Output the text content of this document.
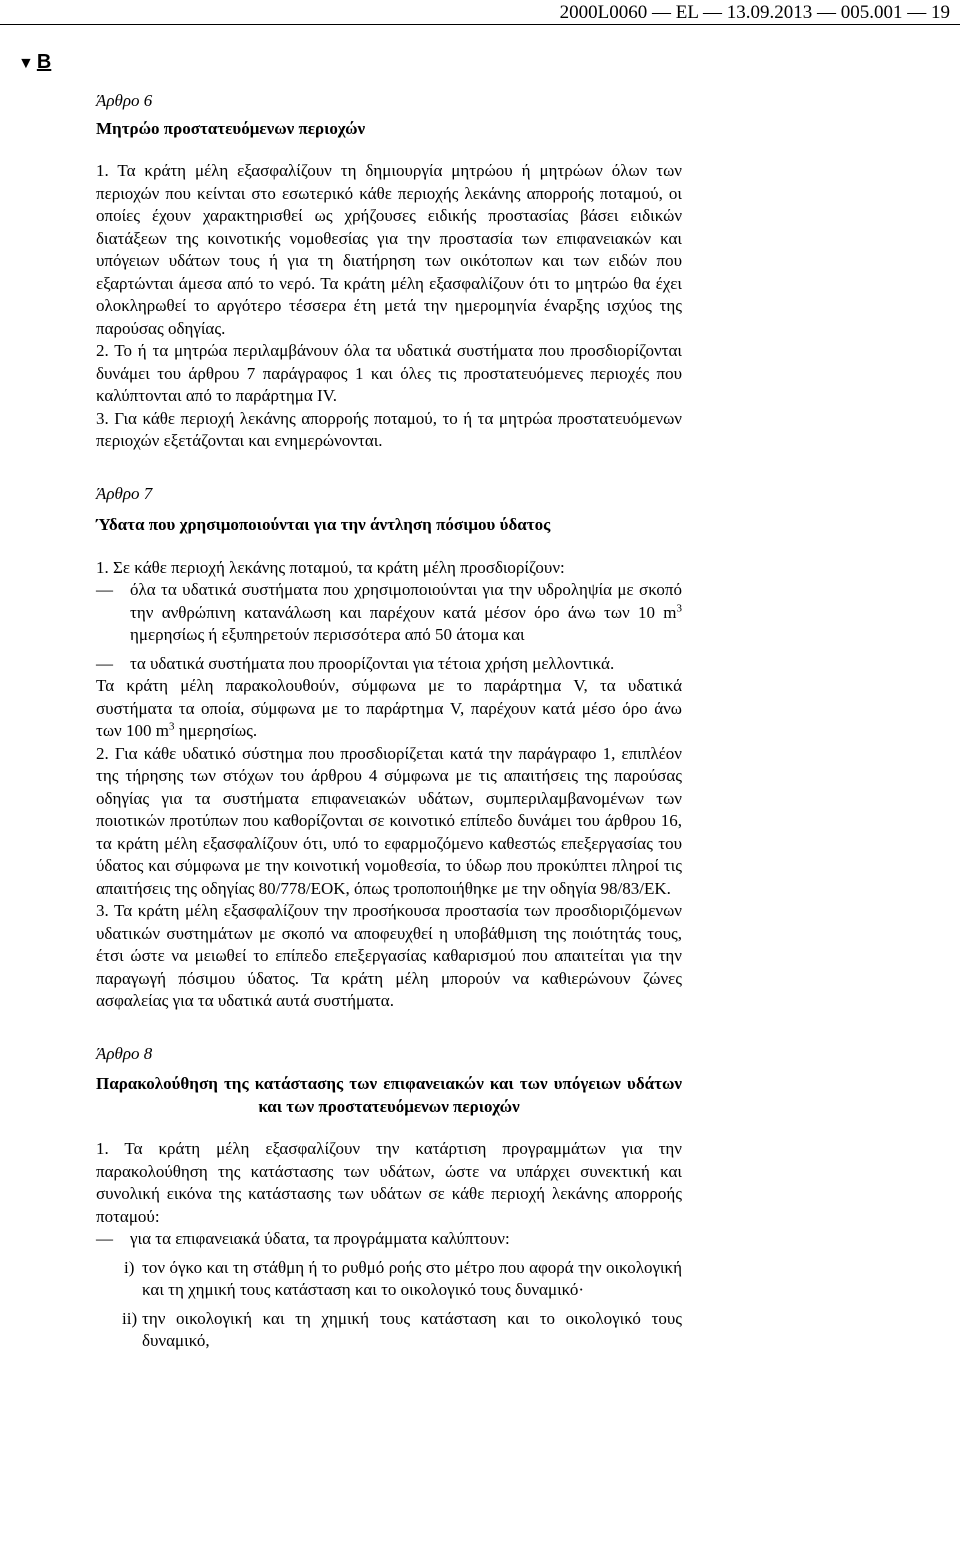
2000L0060 — EL — 13.09.2013 — 005.001 — 19
▼ B

Άρθρο 6

Μητρώο προστατευόμενων περιοχών

1. Τα κράτη μέλη εξασφαλίζουν τη δημιουργία μητρώου ή μητρώων όλων των περιοχών που κείνται στο εσωτερικό κάθε περιοχής λεκάνης απορροής ποταμού, οι οποίες έχουν χαρακτηρισθεί ως χρήζουσες ειδικής προστασίας βάσει ειδικών διατάξεων της κοινοτικής νομοθεσίας για την προστασία των επιφανειακών και υπόγειων υδάτων τους ή για τη διατήρηση των οικότοπων και των ειδών που εξαρτώνται άμεσα από το νερό. Τα κράτη μέλη εξασφαλίζουν ότι το μητρώο θα έχει ολοκληρωθεί το αργότερο τέσσερα έτη μετά την ημερομηνία έναρξης ισχύος της παρούσας οδηγίας.

2. Το ή τα μητρώα περιλαμβάνουν όλα τα υδατικά συστήματα που προσδιορίζονται δυνάμει του άρθρου 7 παράγραφος 1 και όλες τις προστατευόμενες περιοχές που καλύπτονται από το παράρτημα IV.

3. Για κάθε περιοχή λεκάνης απορροής ποταμού, το ή τα μητρώα προστατευόμενων περιοχών εξετάζονται και ενημερώνονται.

Άρθρο 7

Ύδατα που χρησιμοποιούνται για την άντληση πόσιμου ύδατος

1. Σε κάθε περιοχή λεκάνης ποταμού, τα κράτη μέλη προσδιορίζουν:

— όλα τα υδατικά συστήματα που χρησιμοποιούνται για την υδροληψία με σκοπό την ανθρώπινη κατανάλωση και παρέχουν κατά μέσον όρο άνω των 10 $m^3$ ημερησίως ή εξυπηρετούν περισσότερα από 50 άτομα και

— τα υδατικά συστήματα που προορίζονται για τέτοια χρήση μελλοντικά.

Τα κράτη μέλη παρακολουθούν, σύμφωνα με το παράρτημα V, τα υδατικά συστήματα τα οποία, σύμφωνα με το παράρτημα V, παρέχουν κατά μέσο όρο άνω των 100 $m^3$ ημερησίως.

2. Για κάθε υδατικό σύστημα που προσδιορίζεται κατά την παράγραφο 1, επιπλέον της τήρησης των στόχων του άρθρου 4 σύμφωνα με τις απαιτήσεις της παρούσας οδηγίας για τα συστήματα επιφανειακών υδάτων, συμπεριλαμβανομένων των ποιοτικών προτύπων που καθορίζονται σε κοινοτικό επίπεδο δυνάμει του άρθρου 16, τα κράτη μέλη εξασφαλίζουν ότι, υπό το εφαρμοζόμενο καθεστώς επεξεργασίας του ύδατος και σύμφωνα με την κοινοτική νομοθεσία, το ύδωρ που προκύπτει πληροί τις απαιτήσεις της οδηγίας 80/778/ΕΟΚ, όπως τροποποιήθηκε με την οδηγία 98/83/ΕΚ.

3. Τα κράτη μέλη εξασφαλίζουν την προσήκουσα προστασία των προσδιοριζόμενων υδατικών συστημάτων με σκοπό να αποφευχθεί η υποβάθμιση της ποιότητάς τους, έτσι ώστε να μειωθεί το επίπεδο επεξεργασίας καθαρισμού που απαιτείται για την παραγωγή πόσιμου ύδατος. Τα κράτη μέλη μπορούν να καθιερώνουν ζώνες ασφαλείας για τα υδατικά αυτά συστήματα.

Άρθρο 8

Παρακολούθηση της κατάστασης των επιφανειακών και των υπόγειων υδάτων και των προστατευόμενων περιοχών

1. Τα κράτη μέλη εξασφαλίζουν την κατάρτιση προγραμμάτων για την παρακολούθηση της κατάστασης των υδάτων, ώστε να υπάρχει συνεκτική και συνολική εικόνα της κατάστασης των υδάτων σε κάθε περιοχή λεκάνης απορροής ποταμού:

— για τα επιφανειακά ύδατα, τα προγράμματα καλύπτουν:

i) τον όγκο και τη στάθμη ή το ρυθμό ροής στο μέτρο που αφορά την οικολογική και τη χημική τους κατάσταση και το οικολογικό τους δυναμικό·

ii) την οικολογική και τη χημική τους κατάσταση και το οικολογικό τους δυναμικό,
